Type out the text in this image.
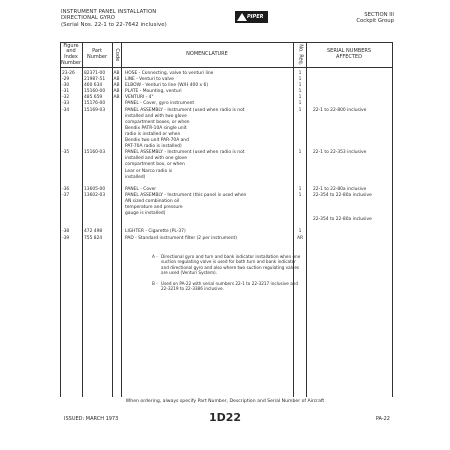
INSTRUMENT PANEL INSTALLATION
DIRECTIONAL GYRO
(Serial Nos. 22-1 to 22-7642 inclusive)
PIPER	SECTION III
Cockpit Group
Figure
and
Index
Number
Part
Number Code	NOMENCLATURE	No. Req.	SERIAL NUMBERS
AFFECTED
23-26	82371-00	AB HOSE - Connecting, valve to venturi line	1
-29	21987-51	AB LINE - Venturi to valve	1
-30	460 634	AB ELBOW - Venturi to line (W/H 400 x 6)	1
-31	15160-00	AB PLATE - Mounting, venturi	1
-32	485 659	AB VENTURI - 4"	1
-33	15176-00	PANEL - Cover, gyro instrument	1
-34	15169-03	PANEL ASSEMBLY - Instrument (used when radio is not	1	22-1 to 22-800 inclusive
installed and with two glove
compartment boxes, or when
Bendix PATR-10A single unit
radio is installed or when
Bendix two unit PAR-70A and
PAT-70A radio is installed)
-35	15160-03	PANEL ASSEMBLY - Instrument (used when radio is not	1	22-1 to 22-353 inclusive
installed and with one glove
compartment box, or when
Lear or Narco radio is
installed)
-36	13605-00	PANEL - Cover	1	22-1 to 22-80a inclusive
-37	13602-03	PANEL ASSEMBLY - Instrument (this panel is used when	1	22-354 to 22-80a inclusive
AN sized combination oil
temperature and pressure
gauge is installed)
22-354 to 22-80a inclusive
-38	472 498	LIGHTER - Cigarette (PL-37)	1
-39	755 824	PAD - Standard instrument filter (2 per instrument)	AR
A - Directional gyro and turn and bank indicator installation when one suction regulating valve is used for both turn and bank indicator and directional gyro and also where two suction regulating valves are used (Venturi System).
B - Used on PA-22 with serial numbers 22-1 to 22-3217 inclusive and 22-3219 to 22-3386 inclusive.
When ordering, always specify Part Number, Description and Serial Number of Aircraft
ISSUED: MARCH 1973	1D22	PA-22
